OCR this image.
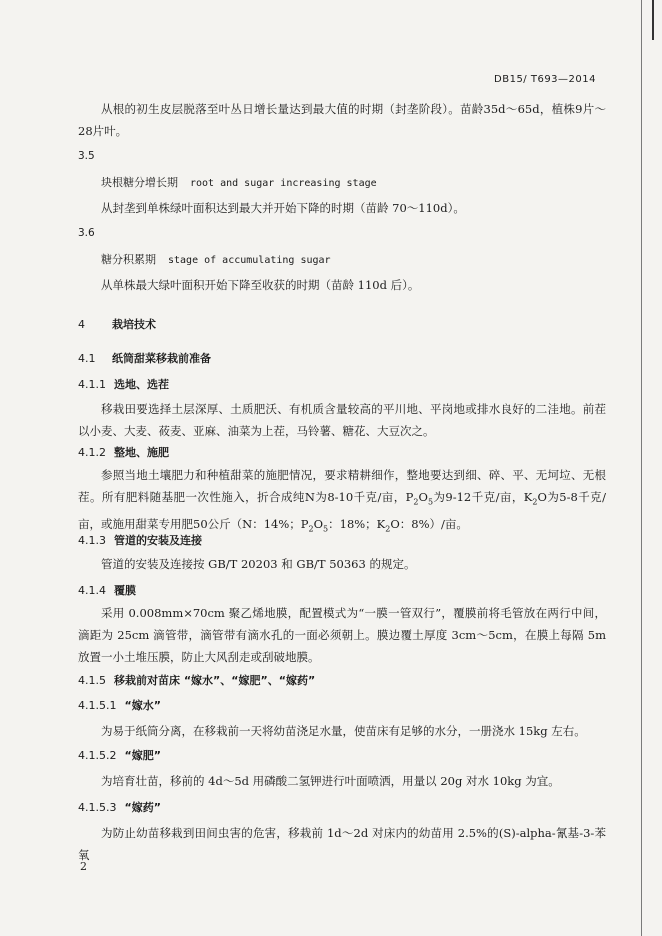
DB15/ T693—2014

从根的初生皮层脱落至叶丛日增长量达到最大值的时期（封垄阶段）。苗龄35d～65d，植株9片～28片叶。

3.5
块根糖分增长期 root and sugar increasing stage

从封垄到单株绿叶面积达到最大并开始下降的时期（苗龄 70～110d）。

3.6
糖分积累期 stage of accumulating sugar

从单株最大绿叶面积开始下降至收获的时期（苗龄 110d 后）。

4 栽培技术
4.1 纸筒甜菜移栽前准备
4.1.1 选地、选茬

移栽田要选择土层深厚、土质肥沃、有机质含量较高的平川地、平岗地或排水良好的二洼地。前茬以小麦、大麦、莜麦、亚麻、油菜为上茬，马铃薯、糖花、大豆次之。

4.1.2 整地、施肥

参照当地土壤肥力和种植甜菜的施肥情况，要求精耕细作，整地要达到细、碎、平、无坷垃、无根茬。所有肥料随基肥一次性施入，折合成纯N为8-10千克/亩，$P_2O_5$为9-12千克/亩，$K_2O$为5-8千克/亩，或施用甜菜专用肥50公斤（N：14%；$P_2O_5$：18%；$K_2O$：8%）/亩。

4.1.3 管道的安装及连接

管道的安装及连接按 GB/T 20203 和 GB/T 50363 的规定。

4.1.4 覆膜

采用 0.008mm×70cm 聚乙烯地膜，配置模式为“一膜一管双行”，覆膜前将毛管放在两行中间，滴距为 25cm 滴管带，滴管带有滴水孔的一面必须朝上。膜边覆土厚度 3cm～5cm，在膜上每隔 5m 放置一小土堆压膜，防止大风刮走或刮破地膜。

4.1.5 移栽前对苗床 “嫁水”、“嫁肥”、“嫁药”
4.1.5.1 “嫁水”

为易于纸筒分离，在移栽前一天将幼苗浇足水量，使苗床有足够的水分，一册浇水 15kg 左右。

4.1.5.2 “嫁肥”

为培育壮苗，移前的 4d～5d 用磷酸二氢钾进行叶面喷洒，用量以 20g 对水 10kg 为宜。

4.1.5.3 “嫁药”

为防止幼苗移栽到田间虫害的危害，移栽前 1d～2d 对床内的幼苗用 2.5%的(S)-alpha-氰基-3-苯氧

2
